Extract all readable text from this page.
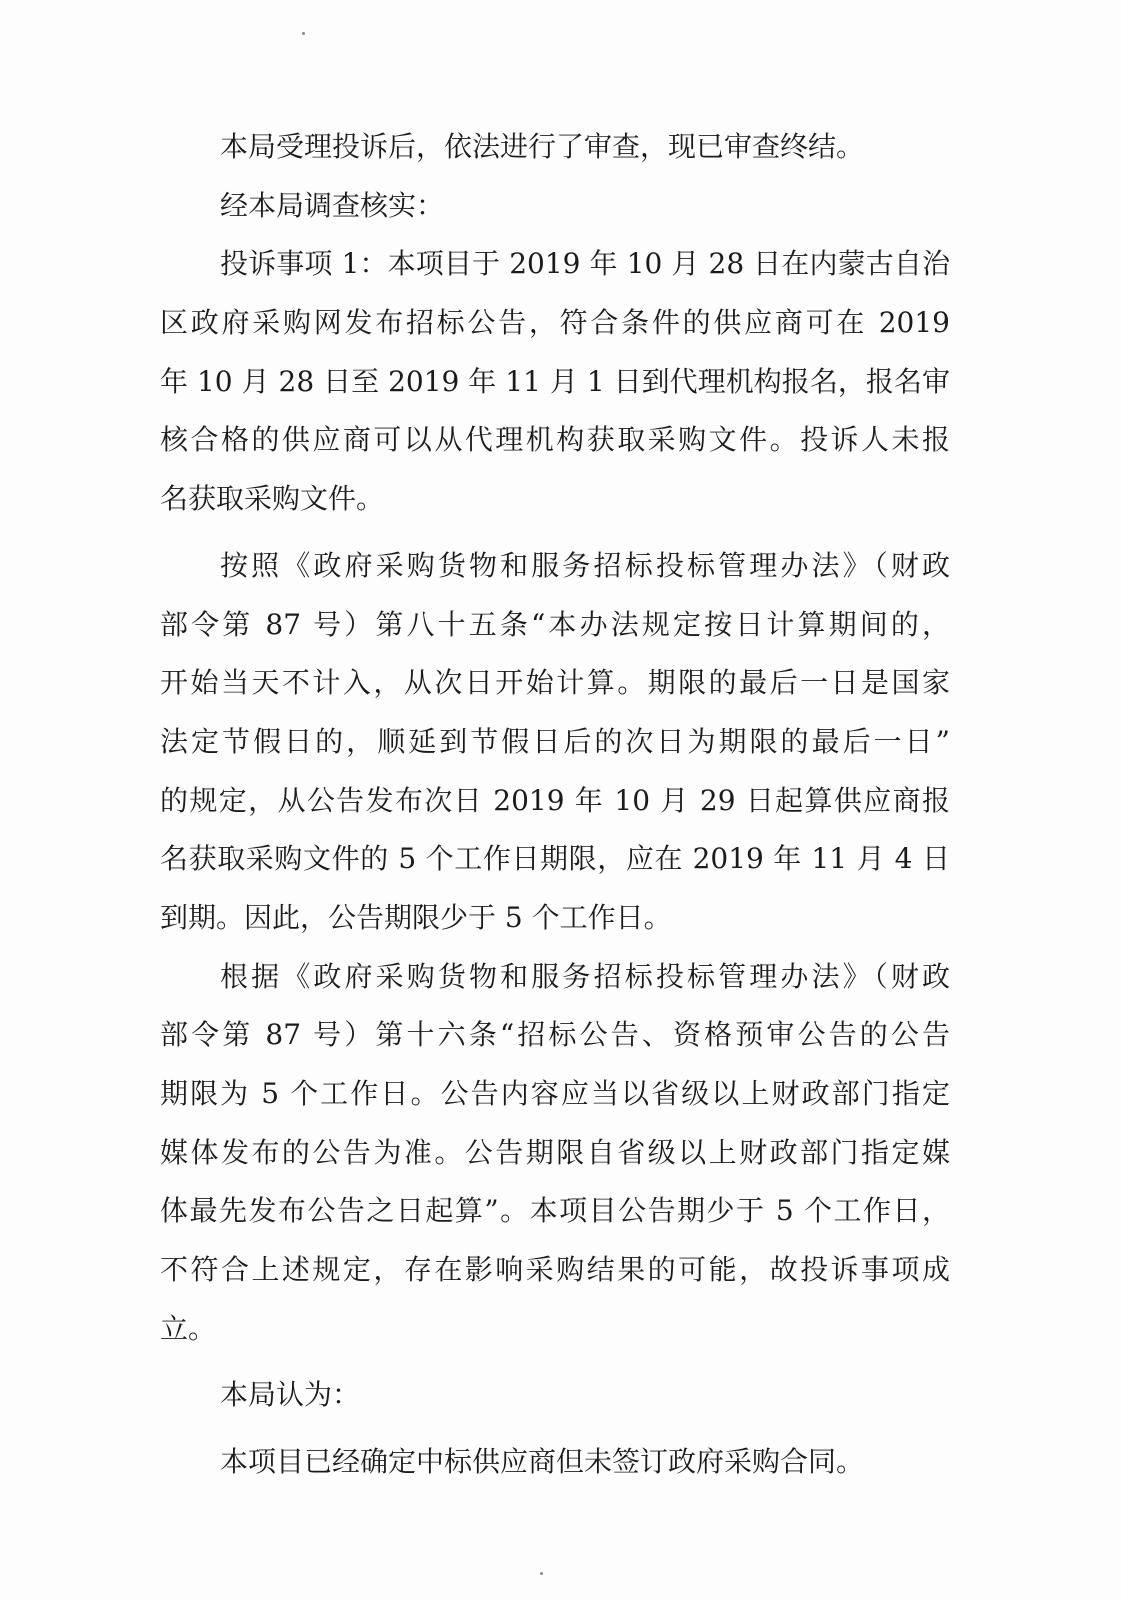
本局受理投诉后，依法进行了审查，现已审查终结。
经本局调查核实：
投诉事项 1：本项目于 2019 年 10 月 28 日在内蒙古自治
区政府采购网发布招标公告，符合条件的供应商可在 2019
年 10 月 28 日至 2019 年 11 月 1 日到代理机构报名，报名审
核合格的供应商可以从代理机构获取采购文件。投诉人未报
名获取采购文件。
按照《政府采购货物和服务招标投标管理办法》（财政
部令第 87 号）第八十五条“本办法规定按日计算期间的，
开始当天不计入，从次日开始计算。期限的最后一日是国家
法定节假日的，顺延到节假日后的次日为期限的最后一日”
的规定，从公告发布次日 2019 年 10 月 29 日起算供应商报
名获取采购文件的 5 个工作日期限，应在 2019 年 11 月 4 日
到期。因此，公告期限少于 5 个工作日。
根据《政府采购货物和服务招标投标管理办法》（财政
部令第 87 号）第十六条“招标公告、资格预审公告的公告
期限为 5 个工作日。公告内容应当以省级以上财政部门指定
媒体发布的公告为准。公告期限自省级以上财政部门指定媒
体最先发布公告之日起算”。本项目公告期少于 5 个工作日，
不符合上述规定，存在影响采购结果的可能，故投诉事项成
立。
本局认为：
本项目已经确定中标供应商但未签订政府采购合同。
